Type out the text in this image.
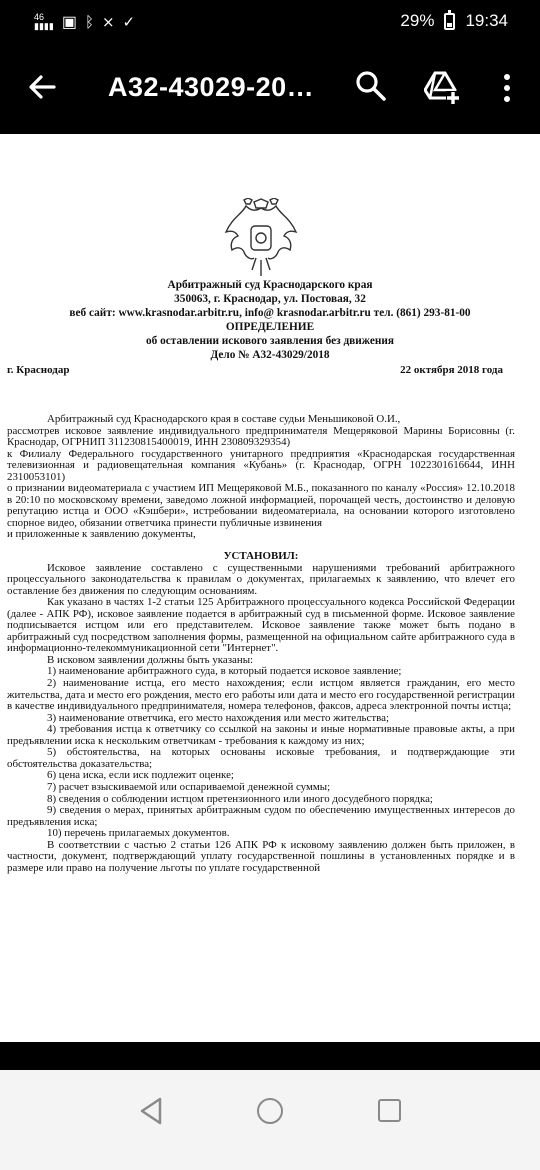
46
▮▮▮▮ ▣ ᛒ ⨯ ✓	29% 19:34
A32-43029-20…
Арбитражный суд Краснодарского края
350063, г. Краснодар, ул. Постовая, 32
веб сайт: www.krasnodar.arbitr.ru, info@ krasnodar.arbitr.ru тел. (861) 293-81-00
ОПРЕДЕЛЕНИЕ
об оставлении искового заявления без движения
Дело № А32-43029/2018
г. Краснодар	22 октября 2018 года

Арбитражный суд Краснодарского края в составе судьи Меньшиковой О.И.,

рассмотрев исковое заявление индивидуального предпринимателя Мещеряковой Марины Борисовны (г. Краснодар, ОГРНИП 311230815400019, ИНН 230809329354)

к Филиалу Федерального государственного унитарного предприятия «Краснодарская государственная телевизионная и радиовещательная компания «Кубань» (г. Краснодар, ОГРН 1022301616644, ИНН 2310053101)

о признании видеоматериала с участием ИП Мещеряковой М.Б., показанного по каналу «Россия» 12.10.2018 в 20:10 по московскому времени, заведомо ложной информацией, порочащей честь, достоинство и деловую репутацию истца и ООО «Кэшбери», истребовании видеоматериала, на основании которого изготовлено спорное видео, обязании ответчика принести публичные извинения

и приложенные к заявлению документы,

УСТАНОВИЛ:

Исковое заявление составлено с существенными нарушениями требований арбитражного процессуального законодательства к правилам о документах, прилагаемых к заявлению, что влечет его оставление без движения по следующим основаниям.

Как указано в частях 1-2 статьи 125 Арбитражного процессуального кодекса Российской Федерации (далее - АПК РФ), исковое заявление подается в арбитражный суд в письменной форме. Исковое заявление подписывается истцом или его представителем. Исковое заявление также может быть подано в арбитражный суд посредством заполнения формы, размещенной на официальном сайте арбитражного суда в информационно-телекоммуникационной сети "Интернет".

В исковом заявлении должны быть указаны:

1) наименование арбитражного суда, в который подается исковое заявление;

2) наименование истца, его место нахождения; если истцом является гражданин, его место жительства, дата и место его рождения, место его работы или дата и место его государственной регистрации в качестве индивидуального предпринимателя, номера телефонов, факсов, адреса электронной почты истца;

3) наименование ответчика, его место нахождения или место жительства;

4) требования истца к ответчику со ссылкой на законы и иные нормативные правовые акты, а при предъявлении иска к нескольким ответчикам - требования к каждому из них;

5) обстоятельства, на которых основаны исковые требования, и подтверждающие эти обстоятельства доказательства;

6) цена иска, если иск подлежит оценке;

7) расчет взыскиваемой или оспариваемой денежной суммы;

8) сведения о соблюдении истцом претензионного или иного досудебного порядка;

9) сведения о мерах, принятых арбитражным судом по обеспечению имущественных интересов до предъявления иска;

10) перечень прилагаемых документов.

В соответствии с частью 2 статьи 126 АПК РФ к исковому заявлению должен быть приложен, в частности, документ, подтверждающий уплату государственной пошлины в установленных порядке и в размере или право на получение льготы по уплате государственной
